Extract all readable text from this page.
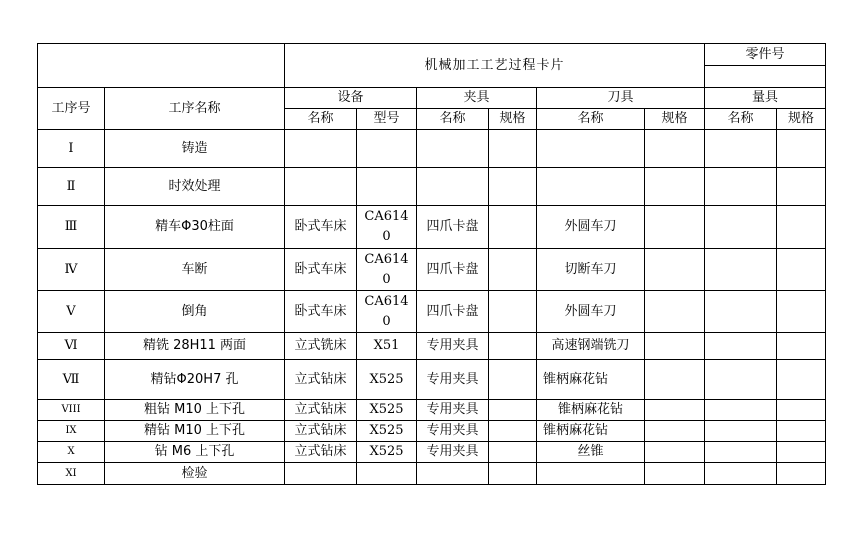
		机械加工工艺过程卡片						零件号	

工序号	工序名称	设备		夹具		刀具		量具	
		名称	型号	名称	规格	名称	规格	名称	规格
Ⅰ	铸造								
Ⅱ	时效处理								
Ⅲ	精车Φ30柱面	卧式车床	CA6140	四爪卡盘		外圆车刀			
Ⅳ	车断	卧式车床	CA6140	四爪卡盘		切断车刀			
Ⅴ	倒角	卧式车床	CA6140	四爪卡盘		外圆车刀			
Ⅵ	精铣 28H11 两面	立式铣床	X51	专用夹具		高速钢端铣刀			
Ⅶ	精钻Φ20H7 孔	立式钻床	X525	专用夹具		锥柄麻花钻			
VIII	粗钻 M10 上下孔	立式钻床	X525	专用夹具		锥柄麻花钻			
IX	精钻 M10 上下孔	立式钻床	X525	专用夹具		锥柄麻花钻			
X	钻 M6 上下孔	立式钻床	X525	专用夹具		丝锥			
XI	检验								
